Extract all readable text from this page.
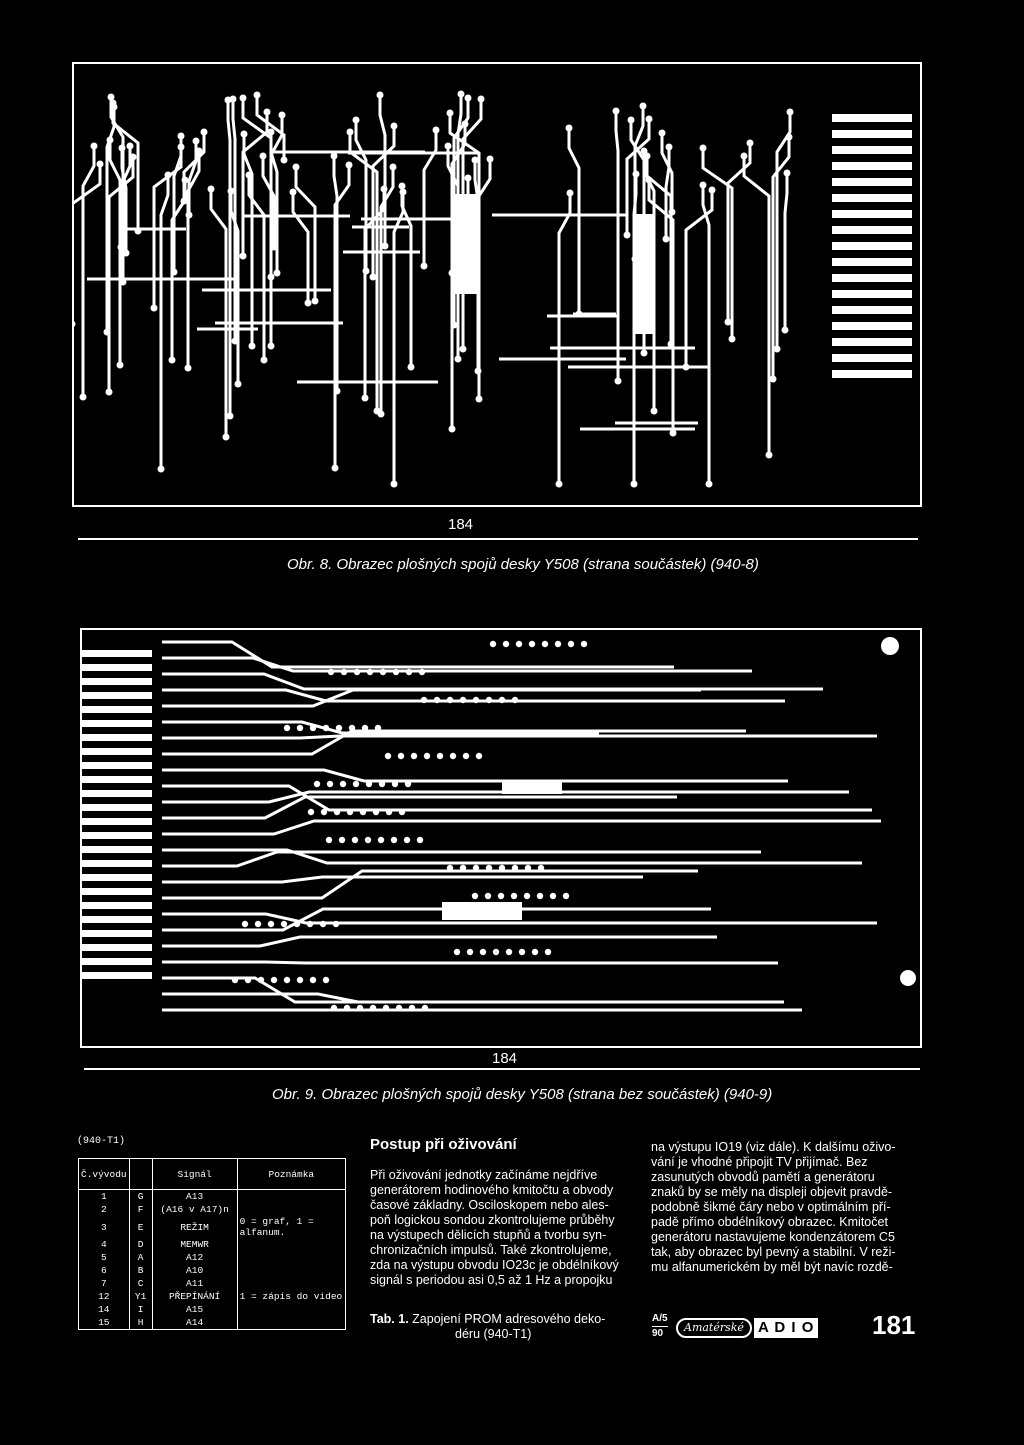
184
Obr. 8. Obrazec plošných spojů desky Y508 (strana součástek) (940-8)
184
Obr. 9. Obrazec plošných spojů desky Y508 (strana bez součástek) (940-9)
(940-T1)
Č.vývodu		Signál	Poznámka
1	G	A13	
2	F	(A16 v A17)n	
3	E	REŽIM	0 = graf, 1 = alfanum.
4	D	MEMWR	
5	A	A12	
6	B	A10	
7	C	A11	
12	Y1	PŘEPÍNÁNÍ	1 = zápis do video
14	I	A15	
15	H	A14	
Postup při oživování
Při oživování jednotky začínáme nejdříve
generátorem hodinového kmitočtu a obvody
časové základny. Osciloskopem nebo ales-
poň logickou sondou zkontrolujeme průběhy
na výstupech dělicích stupňů a tvorbu syn-
chronizačních impulsů. Také zkontrolujeme,
zda na výstupu obvodu IO23c je obdélníkový
signál s periodou asi 0,5 až 1 Hz a propojku
na výstupu IO19 (viz dále). K dalšímu oživo-
vání je vhodné připojit TV přijímač. Bez
zasunutých obvodů pamětí a generátoru
znaků by se měly na displeji objevit pravdě-
podobně šikmé čáry nebo v optimálním pří-
padě přímo obdélníkový obrazec. Kmitočet
generátoru nastavujeme kondenzátorem C5
tak, aby obrazec byl pevný a stabilní. V reži-
mu alfanumerickém by měl být navíc rozdě-
Tab. 1. Zapojení PROM adresového deko-
déru (940-T1)
A/5
90	Amatérské A D I O 181
